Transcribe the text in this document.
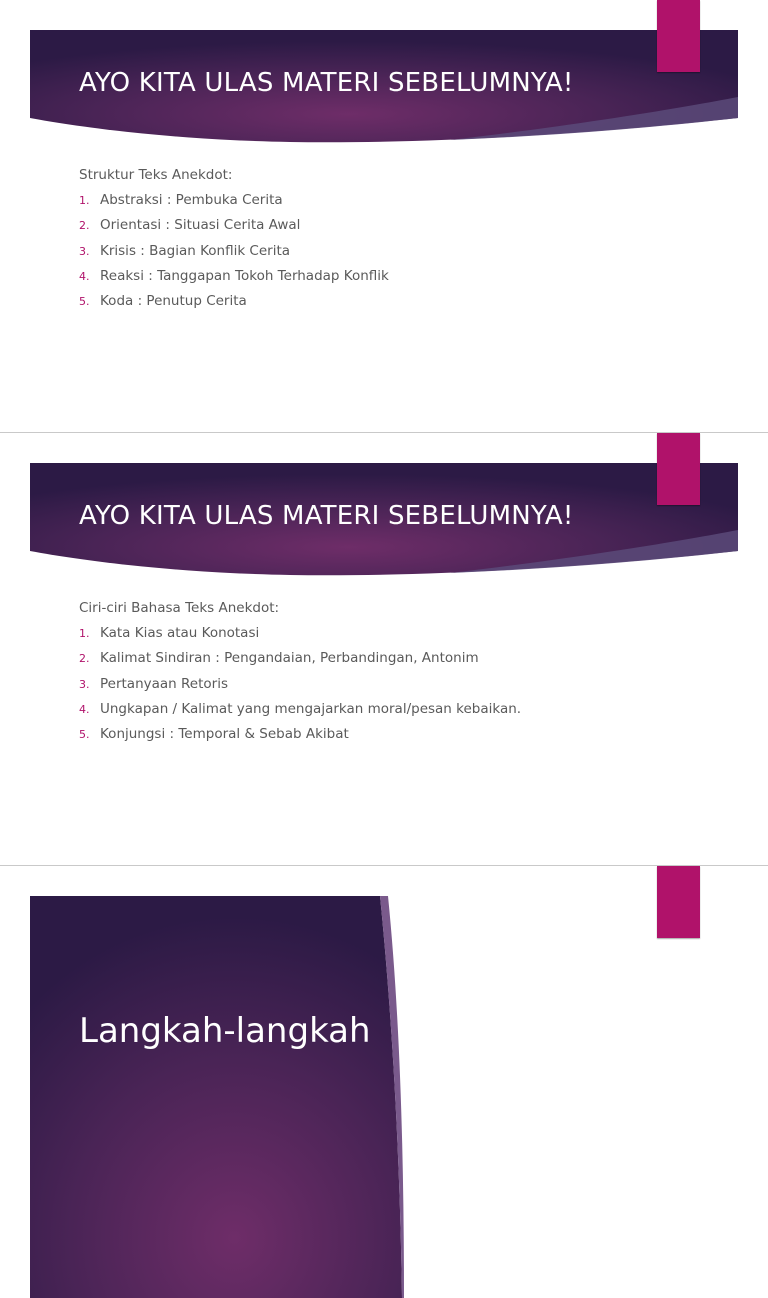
AYO KITA ULAS MATERI SEBELUMNYA!

Struktur Teks Anekdot:

1. Abstraksi : Pembuka Cerita
2. Orientasi : Situasi Cerita Awal
3. Krisis : Bagian Konflik Cerita
4. Reaksi : Tanggapan Tokoh Terhadap Konflik
5. Koda : Penutup Cerita
AYO KITA ULAS MATERI SEBELUMNYA!

Ciri-ciri Bahasa Teks Anekdot:

1. Kata Kias atau Konotasi
2. Kalimat Sindiran : Pengandaian, Perbandingan, Antonim
3. Pertanyaan Retoris
4. Ungkapan / Kalimat yang mengajarkan moral/pesan kebaikan.
5. Konjungsi : Temporal & Sebab Akibat
Langkah-langkah
